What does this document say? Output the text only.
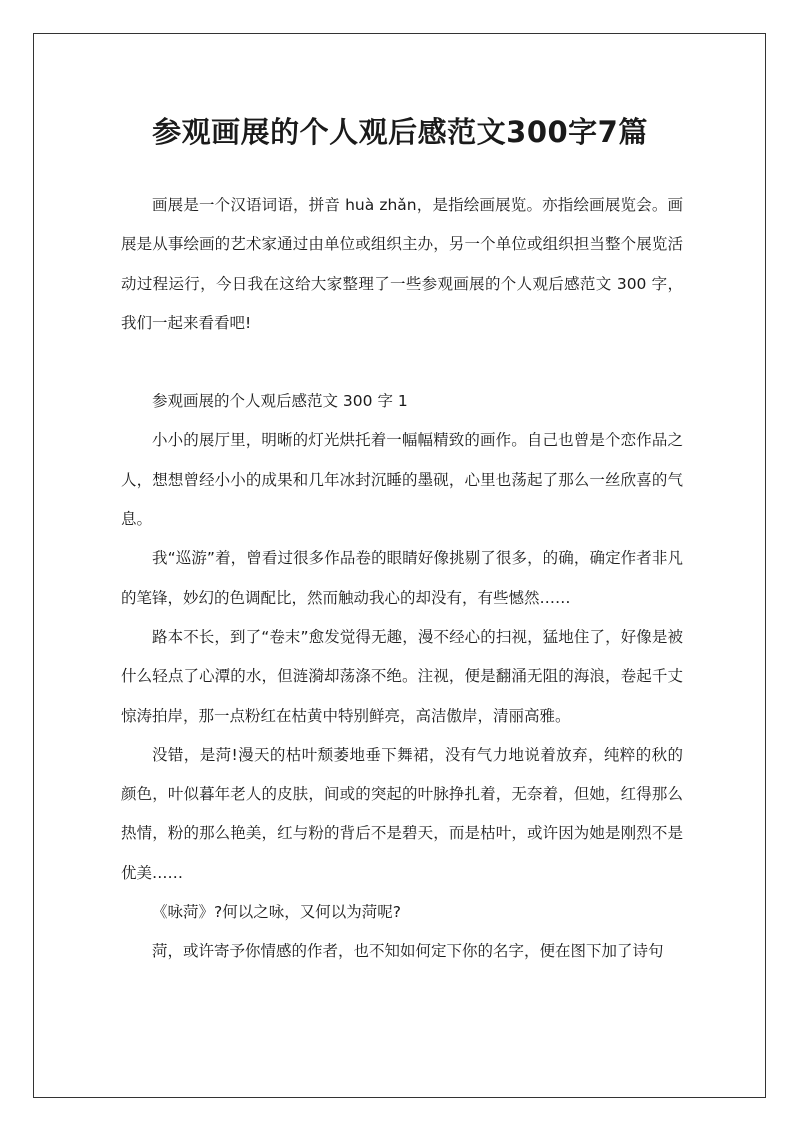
参观画展的个人观后感范文300字7篇

画展是一个汉语词语，拼音 huà zhǎn，是指绘画展览。亦指绘画展览会。画展是从事绘画的艺术家通过由单位或组织主办，另一个单位或组织担当整个展览活动过程运行，今日我在这给大家整理了一些参观画展的个人观后感范文 300 字，我们一起来看看吧!

参观画展的个人观后感范文 300 字 1

小小的展厅里，明晰的灯光烘托着一幅幅精致的画作。自己也曾是个恋作品之人，想想曾经小小的成果和几年冰封沉睡的墨砚，心里也荡起了那么一丝欣喜的气息。

我“巡游”着，曾看过很多作品卷的眼睛好像挑剔了很多，的确，确定作者非凡的笔锋，妙幻的色调配比，然而触动我心的却没有，有些憾然……

路本不长，到了“卷末”愈发觉得无趣，漫不经心的扫视，猛地住了，好像是被什么轻点了心潭的水，但涟漪却荡涤不绝。注视，便是翻涌无阻的海浪，卷起千丈惊涛拍岸，那一点粉红在枯黄中特别鲜亮，高洁傲岸，清丽高雅。

没错，是菏!漫天的枯叶颓萎地垂下舞裙，没有气力地说着放弃，纯粹的秋的颜色，叶似暮年老人的皮肤，间或的突起的叶脉挣扎着，无奈着，但她，红得那么热情，粉的那么艳美，红与粉的背后不是碧天，而是枯叶，或许因为她是刚烈不是优美……

《咏菏》?何以之咏，又何以为菏呢?

菏，或许寄予你情感的作者，也不知如何定下你的名字，便在图下加了诗句
